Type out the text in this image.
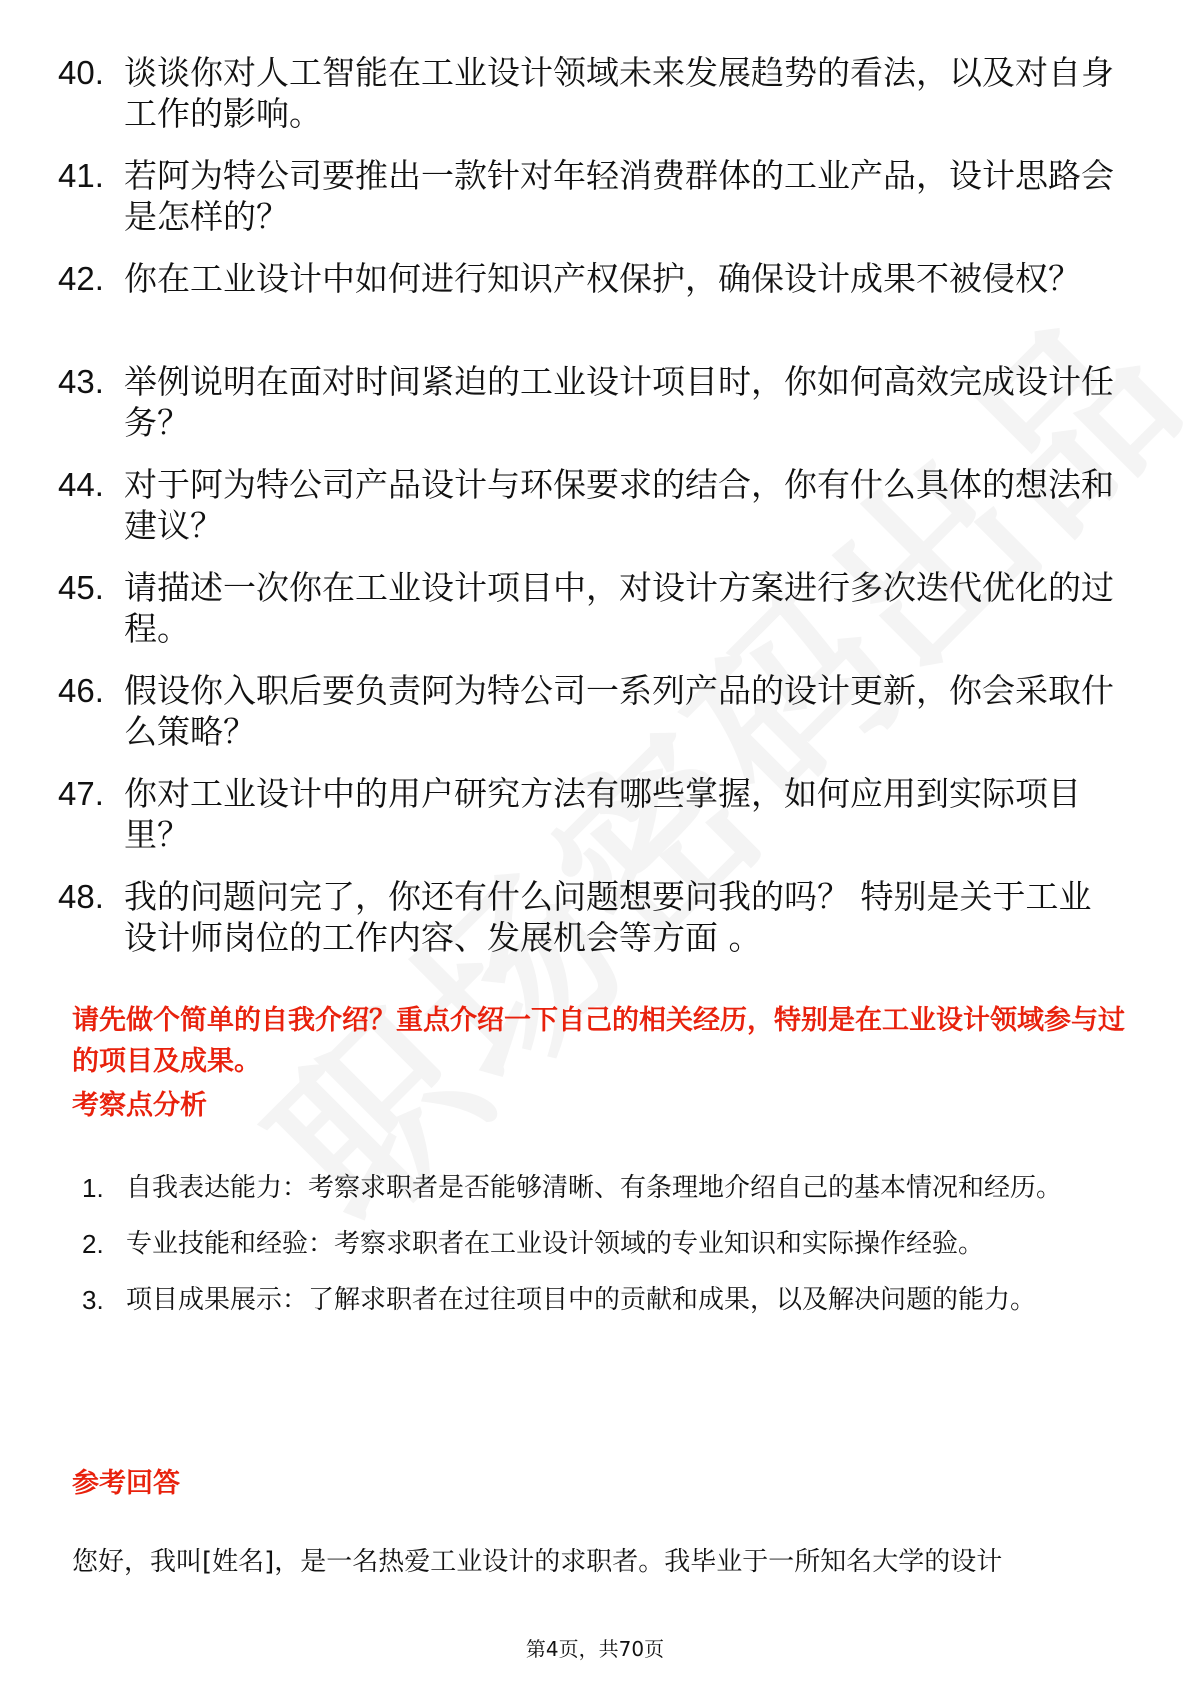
40. 谈谈你对人工智能在工业设计领域未来发展趋势的看法，以及对自身工作的影响。
41. 若阿为特公司要推出一款针对年轻消费群体的工业产品，设计思路会是怎样的？
42. 你在工业设计中如何进行知识产权保护，确保设计成果不被侵权？
43. 举例说明在面对时间紧迫的工业设计项目时，你如何高效完成设计任务？
44. 对于阿为特公司产品设计与环保要求的结合，你有什么具体的想法和建议？
45. 请描述一次你在工业设计项目中，对设计方案进行多次迭代优化的过程。
46. 假设你入职后要负责阿为特公司一系列产品的设计更新，你会采取什么策略？
47. 你对工业设计中的用户研究方法有哪些掌握，如何应用到实际项目里？
48. 我的问题问完了，你还有什么问题想要问我的吗？ 特别是关于工业设计师岗位的工作内容、发展机会等方面 。

请先做个简单的自我介绍？重点介绍一下自己的相关经历，特别是在工业设计领域参与过的项目及成果。

考察点分析
1. 自我表达能力：考察求职者是否能够清晰、有条理地介绍自己的基本情况和经历。
2. 专业技能和经验：考察求职者在工业设计领域的专业知识和实际操作经验。
3. 项目成果展示：了解求职者在过往项目中的贡献和成果，以及解决问题的能力。
参考回答

您好，我叫[姓名]，是一名热爱工业设计的求职者。我毕业于一所知名大学的设计

第4页，共70页
